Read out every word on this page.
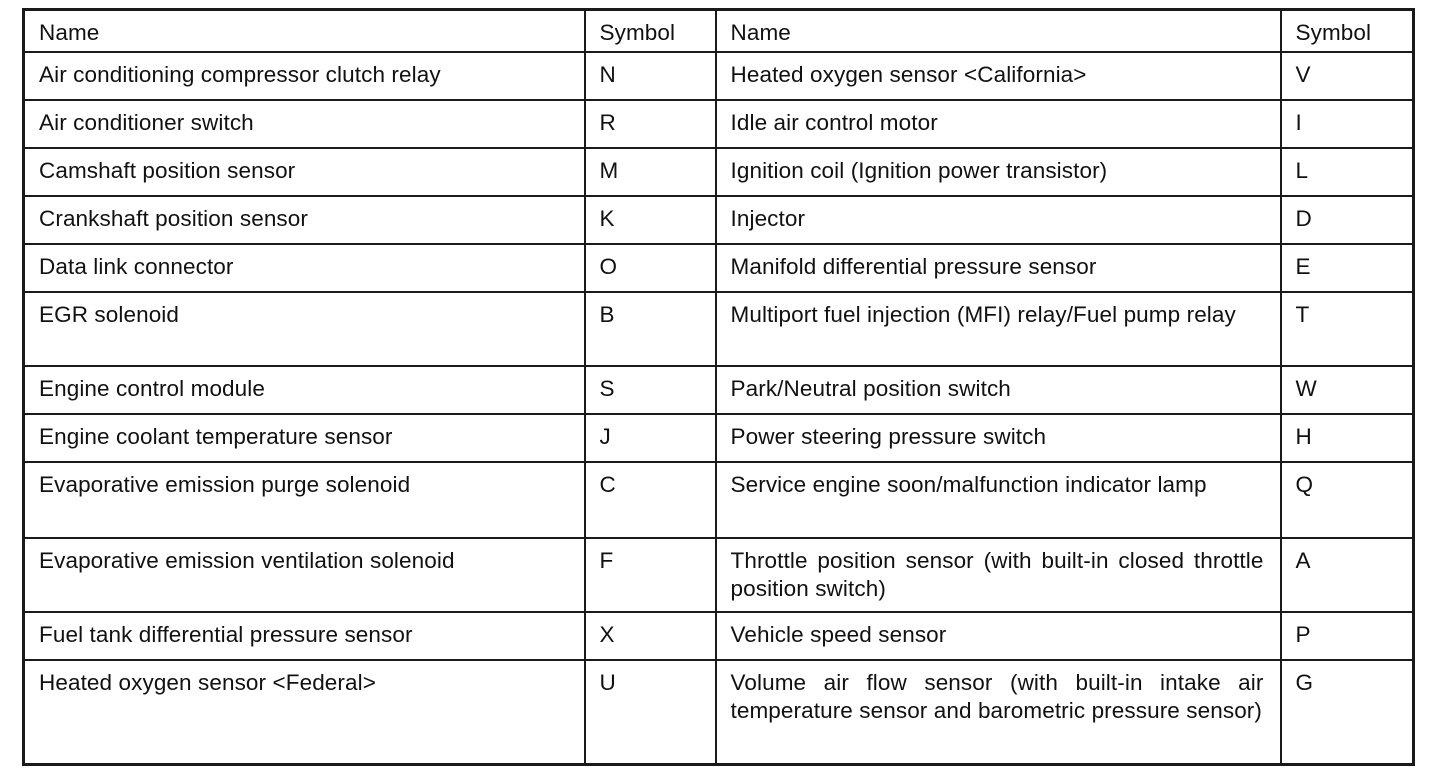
Name	Symbol	Name	Symbol
Air conditioning compressor clutch relay	N	Heated oxygen sensor <California>	V
Air conditioner switch	R	Idle air control motor	I
Camshaft position sensor	M	Ignition coil (Ignition power transistor)	L
Crankshaft position sensor	K	Injector	D
Data link connector	O	Manifold differential pressure sensor	E
EGR solenoid	B	Multiport fuel injection (MFI) relay/Fuel pump relay	T
Engine control module	S	Park/Neutral position switch	W
Engine coolant temperature sensor	J	Power steering pressure switch	H
Evaporative emission purge solenoid	C	Service engine soon/malfunction indicator lamp	Q
Evaporative emission ventilation solenoid	F	Throttle position sensor (with built-in closed throttle position switch)	A
Fuel tank differential pressure sensor	X	Vehicle speed sensor	P
Heated oxygen sensor <Federal>	U	Volume air flow sensor (with built-in intake air temperature sensor and barometric pressure sensor)	G
